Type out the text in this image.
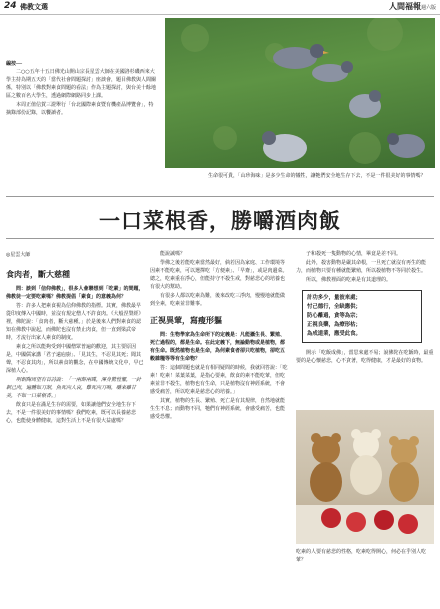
24 佛教文選	人間福報週六版
編按──

二○○五年十五日佛光山開山宗長星雲大師在美國洛杉磯西來大學主持為期五天的「當代社會問題探討」座談會，題目佛教與人間關係，特別以「佛教對素食問題的看法」作為主題探討，與台美十餘地區之數百名大學生，透過網際網路同步上課。

本周正值信賀三證舉行「台北國際素食暨有機產品博覽會」，特摘錄部份記錄，以饗讀者。

生命很可貴，「山珍海味」是多少生命的犧牲，讓牠們安全地生存下去，不是一件很美好的事情嗎？
一口菜根香，勝嚼酒肉飯
◎星雲大師
食肉者，斷大慈種

問：談到「信仰佛教」，很多人會聯想到「吃素」的問題，佛教徒一定要吃素嗎？佛教提倡「素食」的意義為何？

答：許多人把素食視為信仰佛教的指標。其實，佛教最早從印度傳入中國時，並沒有規定僧人不許食肉。《大般涅槃經》裡，佛陀說：「食肉者，斷大慈種。」於是後來人們對素食的認知在佛教中說起，而佛陀也沒有禁止肉食，但一直到梁武帝時，才流行出家人素食的制度。

素食之所以能夠受到中國僧眾普遍的歡迎，其主要原因是，中國儒家講「君子遠庖廚」、「見其生，不忍見其死；聞其聲，不忍食其肉」，所以素食的觀念，在中國傳統文化中，早已深植人心。

明朝陶周望有首詩說：「一兩餅兩碟，渾身驚惶懼，一針刺己肉，遍體如刀割，魚死向人哀，雞死向刀鳴，嚼來雖甘美，不如一口菜根香。」

飲食只是在滿足生存的需要，如果讓他們安全地生存下去，不是一件很美好的事情嗎？我們吃素，既可以長養慈悲心，也能使身體健康，這對生活上不是有很大益處嗎？

能說誠嗎？

學佛之後若能吃素當然最好，倘若因為家庭、工作環境等因素不能吃素，可以選擇吃「方便素」、「早齋」，或是肉邊菜。總之，吃素重在淨心，但能持守不殺生戒，對慈悲心的培養也有很大的幫助。

有很多人都以吃素為難，後來改吃三淨肉，慢慢地就能做到全素，吃素並非難事。

正視異葷，寫瘦形軀

問：生物學家為生命所下的定義是：凡能攝生長、繁殖、死亡過程的，都是生命。在此定義下，無論動物或是植物，都有生命。既然植物也是生命，為何素食者卻只吃植物，卻吃五穀雜糧等等有生命物？

答：這個問題也就是有相同疑問的時候，我就回答說：「吃素！吃素！菜葉菜葉，是指心要素，飲食的素不能吃葷，但吃素並非不殺生，植物也有生命，只是植物沒有神經系統，不會感受痛苦，所以吃素是慈悲心的培養。」

其實，植物的生長、繁殖、死亡是有其規律，自然地就能生生不息；而動物不同，牠們有神經系統，會感受痛苦，也能感受恐懼。

子和殺死一隻動物的心情，畢竟是差不同。

此外，殺害動物是嚴其命根，一旦死亡就沒有再生的能力，而植物只要有種就能繁殖，所以殺植物不等同於殺生。

所以，佛教裡面的吃素是有其道理的。

計功多少，量彼來處；
忖己德行，全缺應供；
防心離過，貪等為宗；
正視良藥，為療形枯；
為成道業，應受此食。

開示「吃飯成佛」，當思來處不易；說佛陀在吃飯時，最重要的是心懷慈悲，心不貪著，吃得健康，才是最好的食物。

吃素的人要有慈悲的性格，吃素吃得開心，何必在乎別人吃葷？
